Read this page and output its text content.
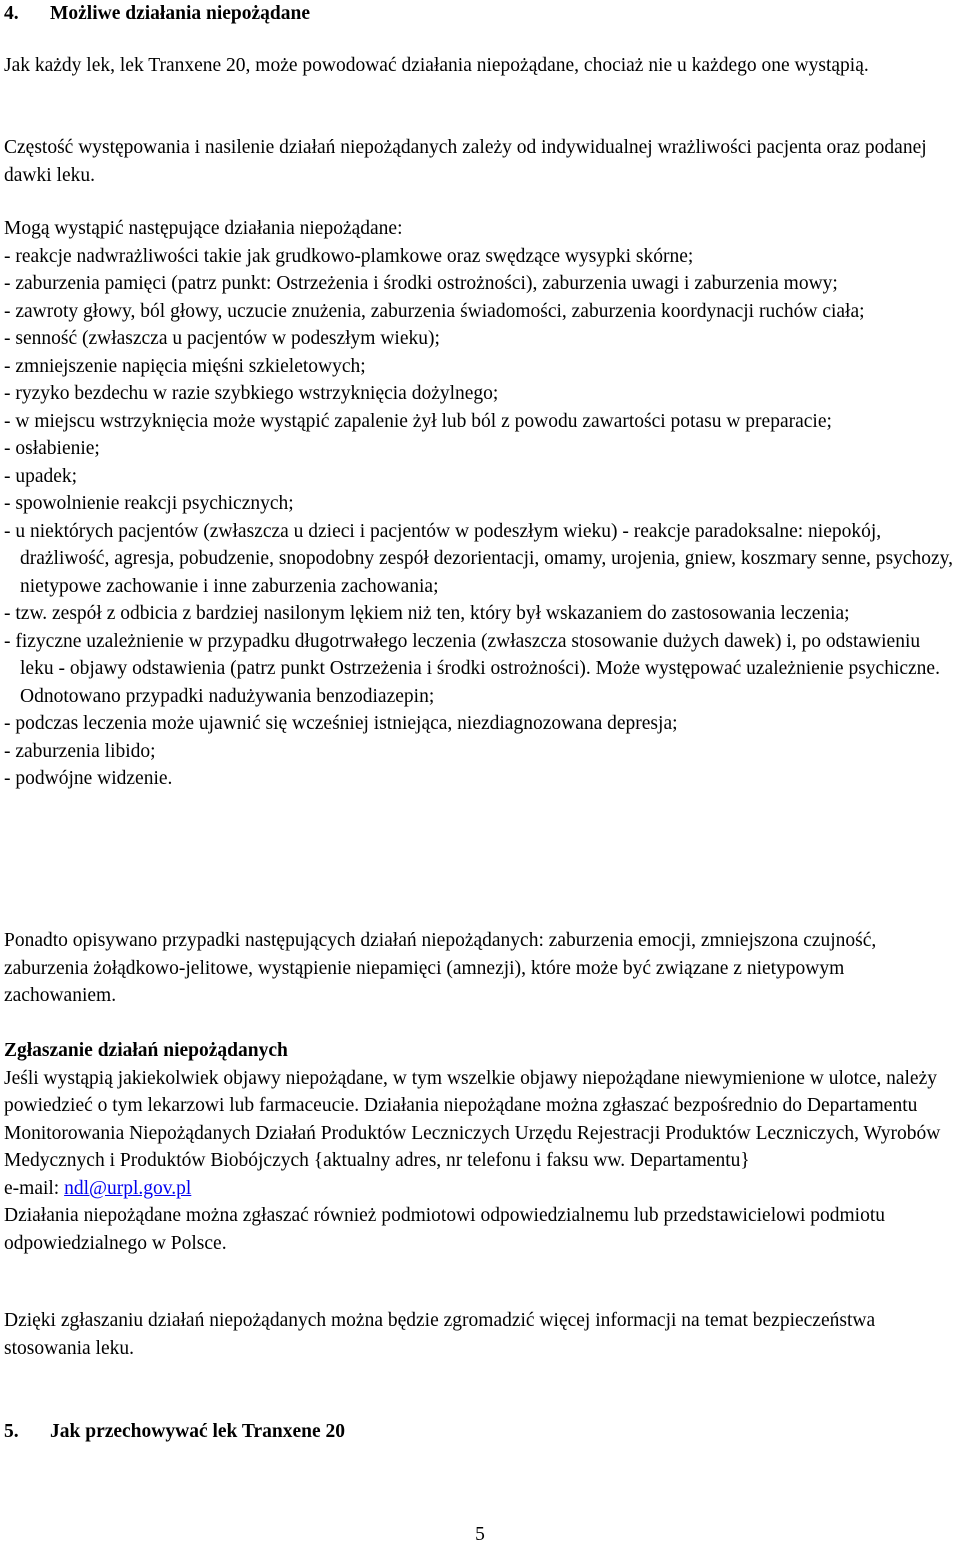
4. Możliwe działania niepożądane

Jak każdy lek, lek Tranxene 20, może powodować działania niepożądane, chociaż nie u każdego one wystąpią.

Częstość występowania i nasilenie działań niepożądanych zależy od indywidualnej wrażliwości pacjenta oraz podanej dawki leku.

Mogą wystąpić następujące działania niepożądane:
- reakcje nadwrażliwości takie jak grudkowo-plamkowe oraz swędzące wysypki skórne;
- zaburzenia pamięci (patrz punkt: Ostrzeżenia i środki ostrożności), zaburzenia uwagi i zaburzenia mowy;
- zawroty głowy, ból głowy, uczucie znużenia, zaburzenia świadomości, zaburzenia koordynacji ruchów ciała;
- senność (zwłaszcza u pacjentów w podeszłym wieku);
- zmniejszenie napięcia mięśni szkieletowych;
- ryzyko bezdechu w razie szybkiego wstrzyknięcia dożylnego;
- w miejscu wstrzyknięcia może wystąpić zapalenie żył lub ból z powodu zawartości potasu w preparacie;
- osłabienie;
- upadek;
- spowolnienie reakcji psychicznych;
- u niektórych pacjentów (zwłaszcza u dzieci i pacjentów w podeszłym wieku) - reakcje paradoksalne: niepokój, drażliwość, agresja, pobudzenie, snopodobny zespół dezorientacji, omamy, urojenia, gniew, koszmary senne, psychozy, nietypowe zachowanie i inne zaburzenia zachowania;
- tzw. zespół z odbicia z bardziej nasilonym lękiem niż ten, który był wskazaniem do zastosowania leczenia;
- fizyczne uzależnienie w przypadku długotrwałego leczenia (zwłaszcza stosowanie dużych dawek) i, po odstawieniu leku - objawy odstawienia (patrz punkt Ostrzeżenia i środki ostrożności). Może występować uzależnienie psychiczne. Odnotowano przypadki nadużywania benzodiazepin;
- podczas leczenia może ujawnić się wcześniej istniejąca, niezdiagnozowana depresja;
- zaburzenia libido;
- podwójne widzenie.

Ponadto opisywano przypadki następujących działań niepożądanych: zaburzenia emocji, zmniejszona czujność, zaburzenia żołądkowo-jelitowe, wystąpienie niepamięci (amnezji), które może być związane z nietypowym zachowaniem.

Zgłaszanie działań niepożądanych
Jeśli wystąpią jakiekolwiek objawy niepożądane, w tym wszelkie objawy niepożądane niewymienione w ulotce, należy powiedzieć o tym lekarzowi lub farmaceucie. Działania niepożądane można zgłaszać bezpośrednio do Departamentu Monitorowania Niepożądanych Działań Produktów Leczniczych Urzędu Rejestracji Produktów Leczniczych, Wyrobów Medycznych i Produktów Biobójczych {aktualny adres, nr telefonu i faksu ww. Departamentu}
e-mail: ndl@urpl.gov.pl
Działania niepożądane można zgłaszać również podmiotowi odpowiedzialnemu lub przedstawicielowi podmiotu odpowiedzialnego w Polsce.

Dzięki zgłaszaniu działań niepożądanych można będzie zgromadzić więcej informacji na temat bezpieczeństwa stosowania leku.

5. Jak przechowywać lek Tranxene 20
5
